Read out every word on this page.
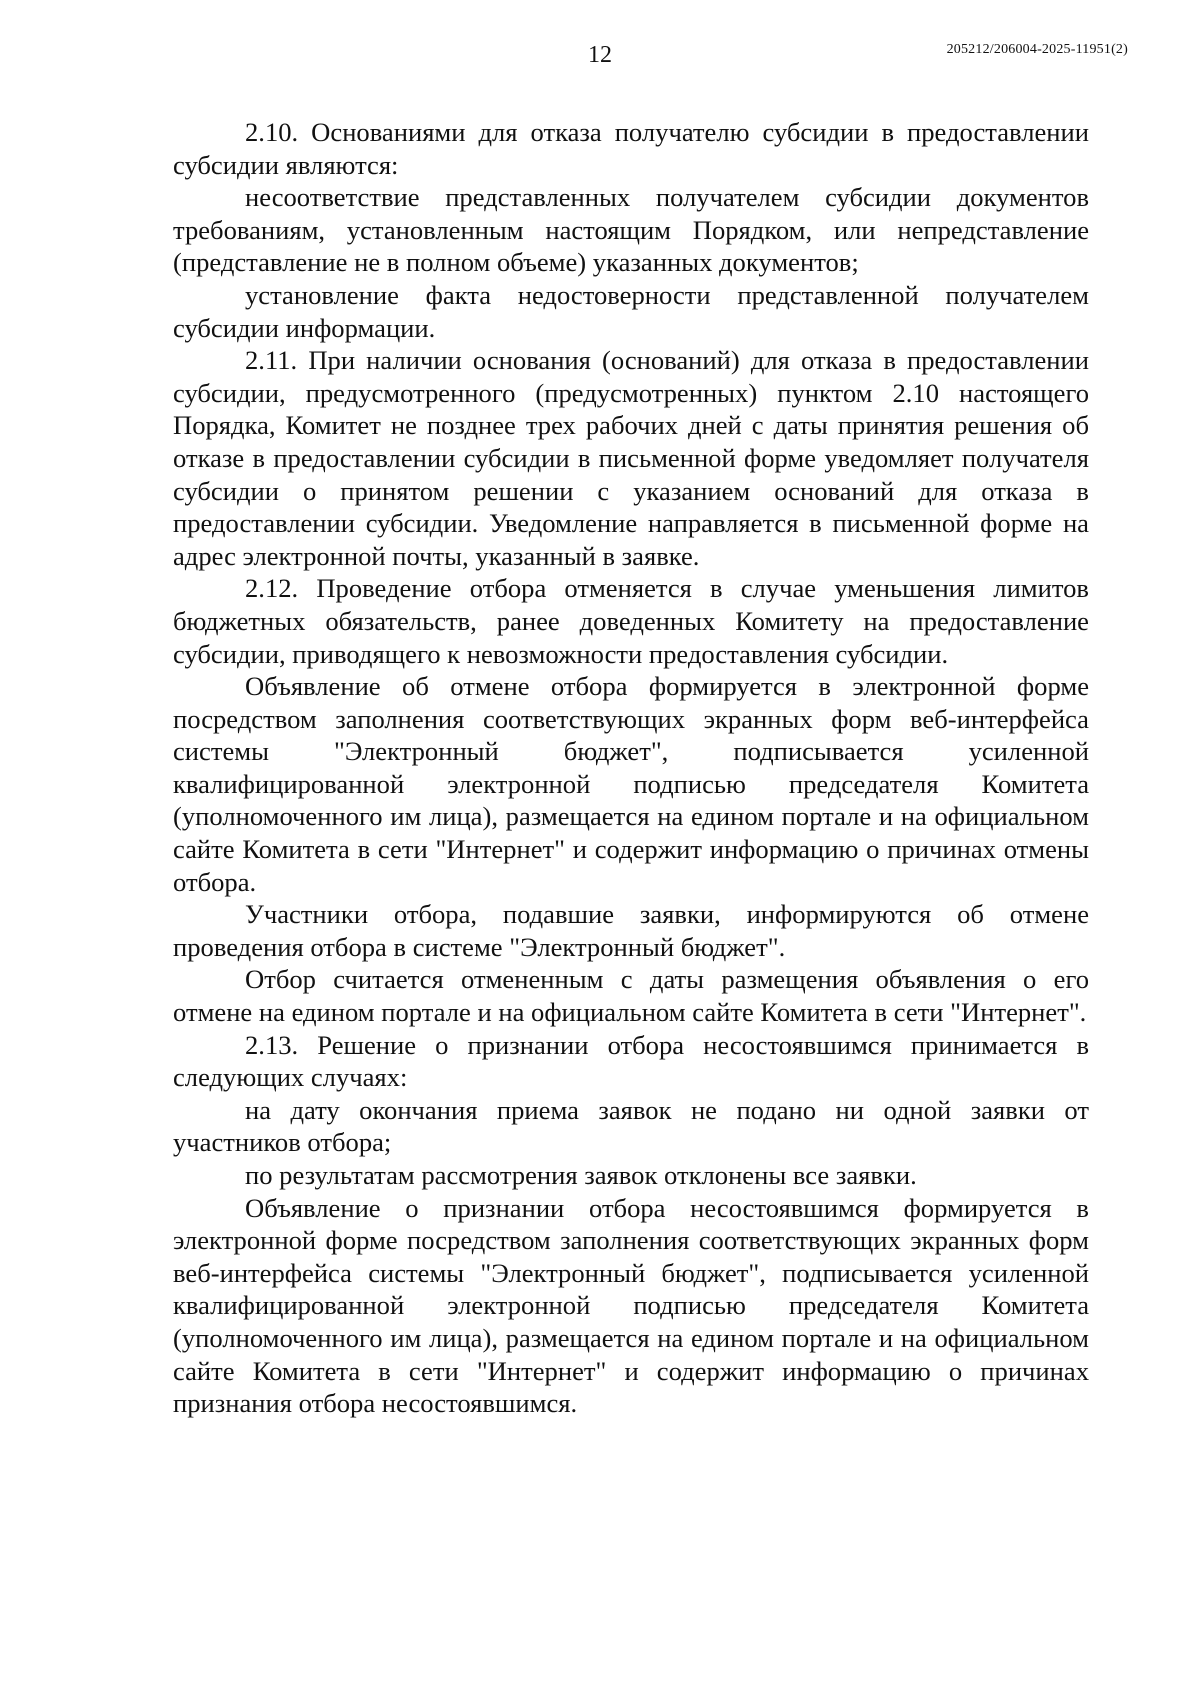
12	205212/206004-2025-11951(2)

2.10. Основаниями для отказа получателю субсидии в предоставлении субсидии являются:

несоответствие представленных получателем субсидии документов требованиям, установленным настоящим Порядком, или непредставление (представление не в полном объеме) указанных документов;

установление факта недостоверности представленной получателем субсидии информации.

2.11. При наличии основания (оснований) для отказа в предоставлении субсидии, предусмотренного (предусмотренных) пунктом 2.10 настоящего Порядка, Комитет не позднее трех рабочих дней с даты принятия решения об отказе в предоставлении субсидии в письменной форме уведомляет получателя субсидии о принятом решении с указанием оснований для отказа в предоставлении субсидии. Уведомление направляется в письменной форме на адрес электронной почты, указанный в заявке.

2.12. Проведение отбора отменяется в случае уменьшения лимитов бюджетных обязательств, ранее доведенных Комитету на предоставление субсидии, приводящего к невозможности предоставления субсидии.

Объявление об отмене отбора формируется в электронной форме посредством заполнения соответствующих экранных форм веб-интерфейса системы "Электронный бюджет", подписывается усиленной квалифицированной электронной подписью председателя Комитета (уполномоченного им лица), размещается на едином портале и на официальном сайте Комитета в сети "Интернет" и содержит информацию о причинах отмены отбора.

Участники отбора, подавшие заявки, информируются об отмене проведения отбора в системе "Электронный бюджет".

Отбор считается отмененным с даты размещения объявления о его отмене на едином портале и на официальном сайте Комитета в сети "Интернет".

2.13. Решение о признании отбора несостоявшимся принимается в следующих случаях:

на дату окончания приема заявок не подано ни одной заявки от участников отбора;

по результатам рассмотрения заявок отклонены все заявки.

Объявление о признании отбора несостоявшимся формируется в электронной форме посредством заполнения соответствующих экранных форм веб-интерфейса системы "Электронный бюджет", подписывается усиленной квалифицированной электронной подписью председателя Комитета (уполномоченного им лица), размещается на едином портале и на официальном сайте Комитета в сети "Интернет" и содержит информацию о причинах признания отбора несостоявшимся.
